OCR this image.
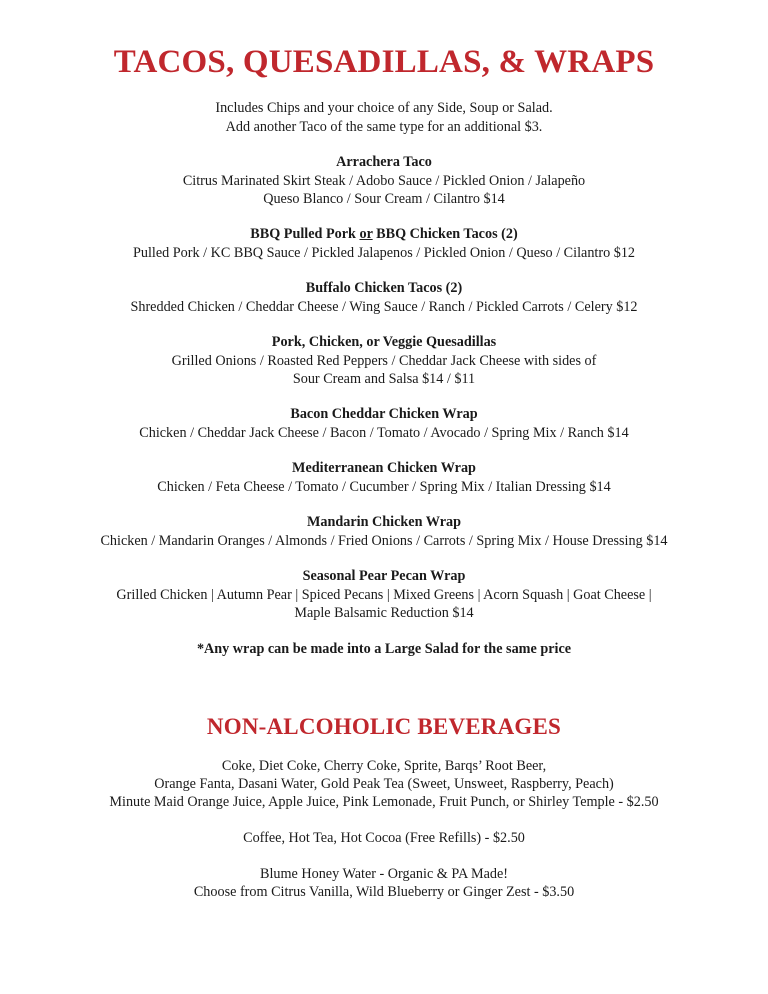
TACOS, QUESADILLAS, & WRAPS
Includes Chips and your choice of any Side, Soup or Salad.
Add another Taco of the same type for an additional $3.
Arrachera Taco
Citrus Marinated Skirt Steak / Adobo Sauce / Pickled Onion / Jalapeño
Queso Blanco / Sour Cream / Cilantro $14
BBQ Pulled Pork or BBQ Chicken Tacos (2)
Pulled Pork / KC BBQ Sauce / Pickled Jalapenos / Pickled Onion / Queso / Cilantro $12
Buffalo Chicken Tacos (2)
Shredded Chicken / Cheddar Cheese / Wing Sauce / Ranch / Pickled Carrots / Celery $12
Pork, Chicken, or Veggie Quesadillas
Grilled Onions / Roasted Red Peppers / Cheddar Jack Cheese with sides of
Sour Cream and Salsa $14 / $11
Bacon Cheddar Chicken Wrap
Chicken / Cheddar Jack Cheese / Bacon / Tomato / Avocado / Spring Mix / Ranch $14
Mediterranean Chicken Wrap
Chicken / Feta Cheese / Tomato / Cucumber / Spring Mix / Italian Dressing $14
Mandarin Chicken Wrap
Chicken / Mandarin Oranges / Almonds / Fried Onions / Carrots / Spring Mix / House Dressing $14
Seasonal Pear Pecan Wrap
Grilled Chicken | Autumn Pear | Spiced Pecans | Mixed Greens | Acorn Squash | Goat Cheese |
Maple Balsamic Reduction $14
*Any wrap can be made into a Large Salad for the same price
NON-ALCOHOLIC BEVERAGES
Coke, Diet Coke, Cherry Coke, Sprite, Barqs’ Root Beer,
Orange Fanta, Dasani Water, Gold Peak Tea (Sweet, Unsweet, Raspberry, Peach)
Minute Maid Orange Juice, Apple Juice, Pink Lemonade, Fruit Punch, or Shirley Temple - $2.50
Coffee, Hot Tea, Hot Cocoa (Free Refills) - $2.50
Blume Honey Water - Organic & PA Made!
Choose from Citrus Vanilla, Wild Blueberry or Ginger Zest - $3.50
